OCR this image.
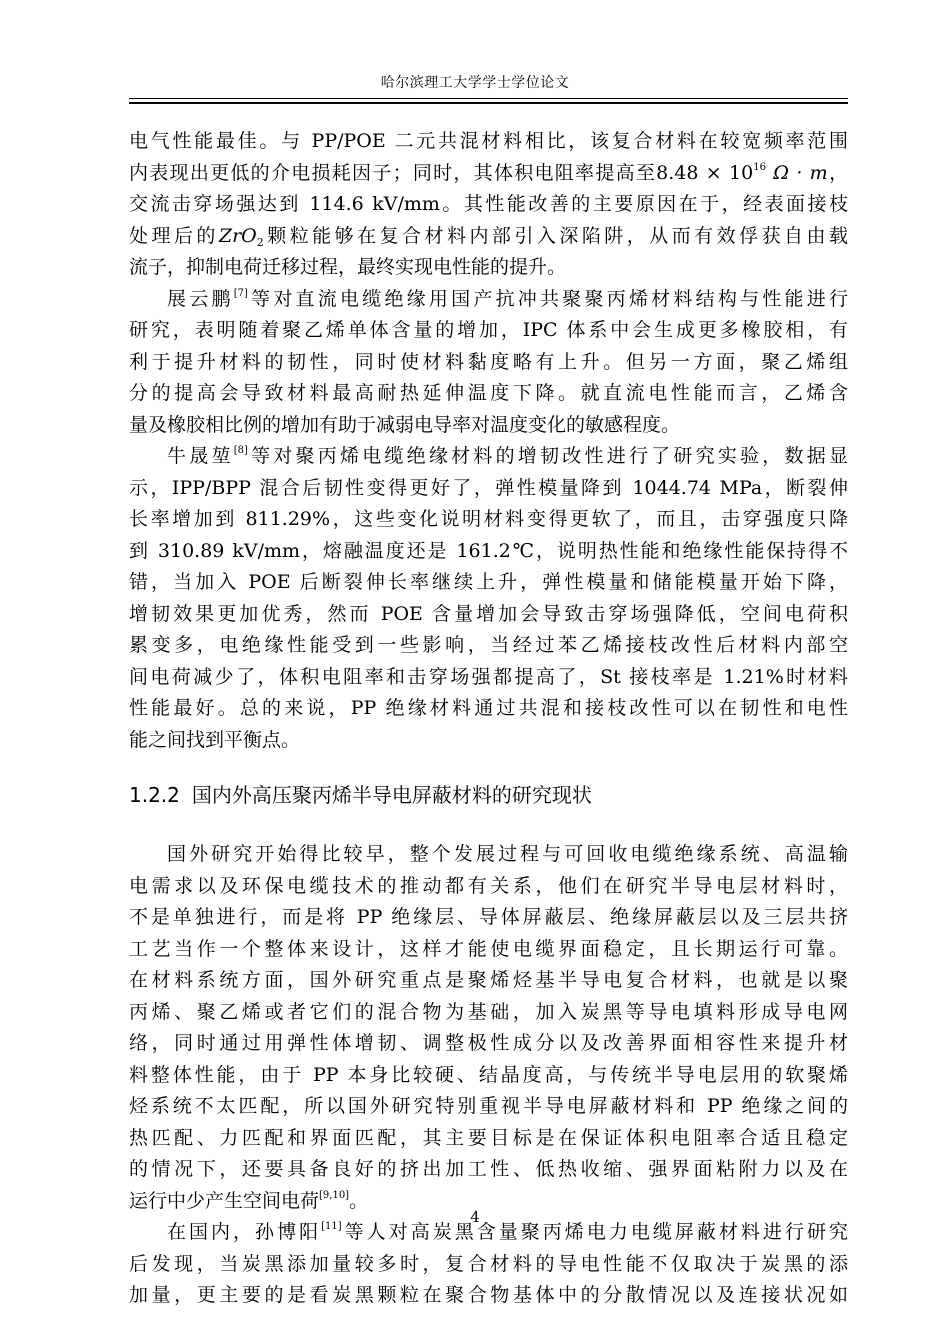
哈尔滨理工大学学士学位论文
电气性能最佳。与 PP/POE 二元共混材料相比，该复合材料在较宽频率范围
内表现出更低的介电损耗因子；同时，其体积电阻率提高至$8.48 \times 10^{16}$ Ω · m，
交流击穿场强达到 114.6 kV/mm。其性能改善的主要原因在于，经表面接枝
处理后的ZrO$_2$颗粒能够在复合材料内部引入深陷阱，从而有效俘获自由载
流子，抑制电荷迁移过程，最终实现电性能的提升。
展云鹏[7]等对直流电缆绝缘用国产抗冲共聚聚丙烯材料结构与性能进行
研究，表明随着聚乙烯单体含量的增加，IPC 体系中会生成更多橡胶相，有
利于提升材料的韧性，同时使材料黏度略有上升。但另一方面，聚乙烯组
分的提高会导致材料最高耐热延伸温度下降。就直流电性能而言，乙烯含
量及橡胶相比例的增加有助于减弱电导率对温度变化的敏感程度。
牛晟堃[8]等对聚丙烯电缆绝缘材料的增韧改性进行了研究实验，数据显
示，IPP/BPP 混合后韧性变得更好了，弹性模量降到 1044.74 MPa，断裂伸
长率增加到 811.29%，这些变化说明材料变得更软了，而且，击穿强度只降
到 310.89 kV/mm，熔融温度还是 161.2℃，说明热性能和绝缘性能保持得不
错，当加入 POE 后断裂伸长率继续上升，弹性模量和储能模量开始下降，
增韧效果更加优秀，然而 POE 含量增加会导致击穿场强降低，空间电荷积
累变多，电绝缘性能受到一些影响，当经过苯乙烯接枝改性后材料内部空
间电荷减少了，体积电阻率和击穿场强都提高了，St 接枝率是 1.21%时材料
性能最好。总的来说，PP 绝缘材料通过共混和接枝改性可以在韧性和电性
能之间找到平衡点。
1.2.2 国内外高压聚丙烯半导电屏蔽材料的研究现状
国外研究开始得比较早，整个发展过程与可回收电缆绝缘系统、高温输
电需求以及环保电缆技术的推动都有关系，他们在研究半导电层材料时，
不是单独进行，而是将 PP 绝缘层、导体屏蔽层、绝缘屏蔽层以及三层共挤
工艺当作一个整体来设计，这样才能使电缆界面稳定，且长期运行可靠。
在材料系统方面，国外研究重点是聚烯烃基半导电复合材料，也就是以聚
丙烯、聚乙烯或者它们的混合物为基础，加入炭黑等导电填料形成导电网
络，同时通过用弹性体增韧、调整极性成分以及改善界面相容性来提升材
料整体性能，由于 PP 本身比较硬、结晶度高，与传统半导电层用的软聚烯
烃系统不太匹配，所以国外研究特别重视半导电屏蔽材料和 PP 绝缘之间的
热匹配、力匹配和界面匹配，其主要目标是在保证体积电阻率合适且稳定
的情况下，还要具备良好的挤出加工性、低热收缩、强界面粘附力以及在
运行中少产生空间电荷[9,10]。
在国内，孙博阳[11]等人对高炭黑含量聚丙烯电力电缆屏蔽材料进行研究
后发现，当炭黑添加量较多时，复合材料的导电性能不仅取决于炭黑的添
加量，更主要的是看炭黑颗粒在聚合物基体中的分散情况以及连接状况如
4
